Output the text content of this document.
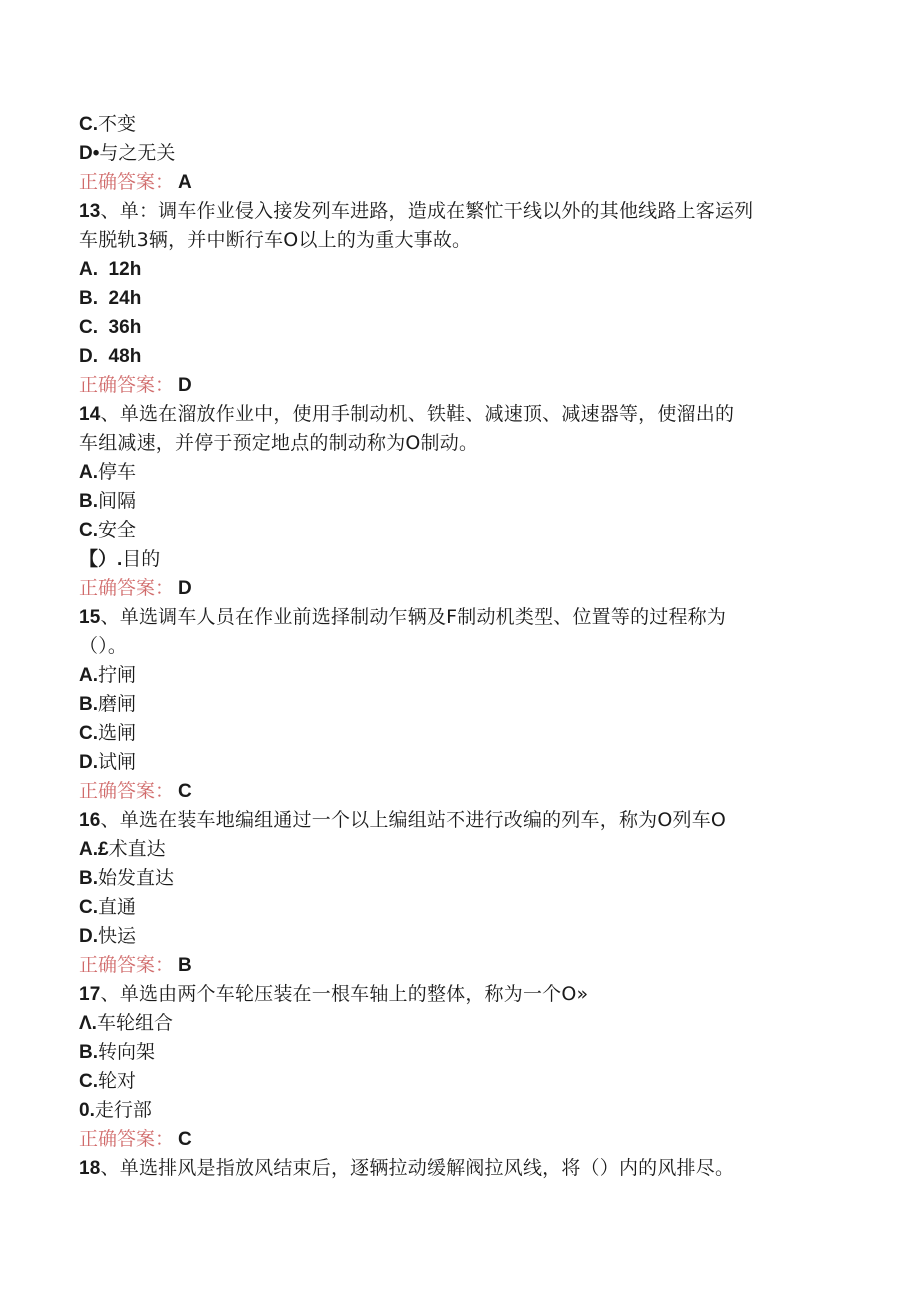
C.不变
D•与之无关
正确答案： A
13、单：调车作业侵入接发列车进路，造成在繁忙干线以外的其他线路上客运列
车脱轨3辆，并中断行车O以上的为重大事故。
A.  12h
B.  24h
C.  36h
D.  48h
正确答案： D
14、单选在溜放作业中，使用手制动机、铁鞋、减速顶、减速器等，使溜出的
车组减速，并停于预定地点的制动称为O制动。
A.停车
B.间隔
C.安全
【）.目的
正确答案： D
15、单选调车人员在作业前选择制动乍辆及F制动机类型、位置等的过程称为
（）。
A.拧闸
B.磨闸
C.选闸
D.试闸
正确答案： C
16、单选在装车地编组通过一个以上编组站不进行改编的列车，称为O列车O
A.£术直达
B.始发直达
C.直通
D.快运
正确答案： B
17、单选由两个车轮压装在一根车轴上的整体，称为一个O»
Λ.车轮组合
B.转向架
C.轮对
0.走行部
正确答案： C
18、单选排风是指放风结束后，逐辆拉动缓解阀拉风线，将（）内的风排尽。
